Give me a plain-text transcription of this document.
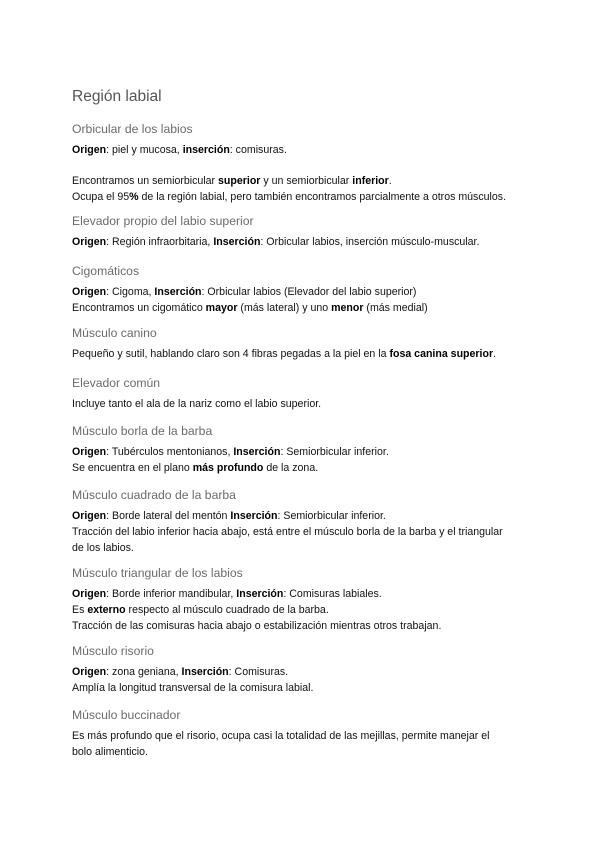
Región labial
Orbicular de los labios

Origen: piel y mucosa, inserción: comisuras.

Encontramos un semiorbicular superior y un semiorbicular inferior.

Ocupa el 95% de la región labial, pero también encontramos parcialmente a otros músculos.

Elevador propio del labio superior

Origen: Región infraorbitaria, Inserción: Orbicular labios, inserción músculo-muscular.

Cigomáticos

Origen: Cigoma, Inserción: Orbicular labios (Elevador del labio superior)

Encontramos un cigomático mayor (más lateral) y uno menor (más medial)

Músculo canino

Pequeño y sutil, hablando claro son 4 fibras pegadas a la piel en la fosa canina superior.

Elevador común

Incluye tanto el ala de la nariz como el labio superior.

Músculo borla de la barba

Origen: Tubérculos mentonianos, Inserción: Semiorbicular inferior.

Se encuentra en el plano más profundo de la zona.

Músculo cuadrado de la barba

Origen: Borde lateral del mentón Inserción: Semiorbicular inferior.

Tracción del labio inferior hacia abajo, está entre el músculo borla de la barba y el triangular

de los labios.

Músculo triangular de los labios

Origen: Borde inferior mandibular, Inserción: Comisuras labiales.

Es externo respecto al músculo cuadrado de la barba.

Tracción de las comisuras hacia abajo o estabilización mientras otros trabajan.

Músculo risorio

Origen: zona geniana, Inserción: Comisuras.

Amplía la longitud transversal de la comisura labial.

Músculo buccinador

Es más profundo que el risorio, ocupa casi la totalidad de las mejillas, permite manejar el

bolo alimenticio.
